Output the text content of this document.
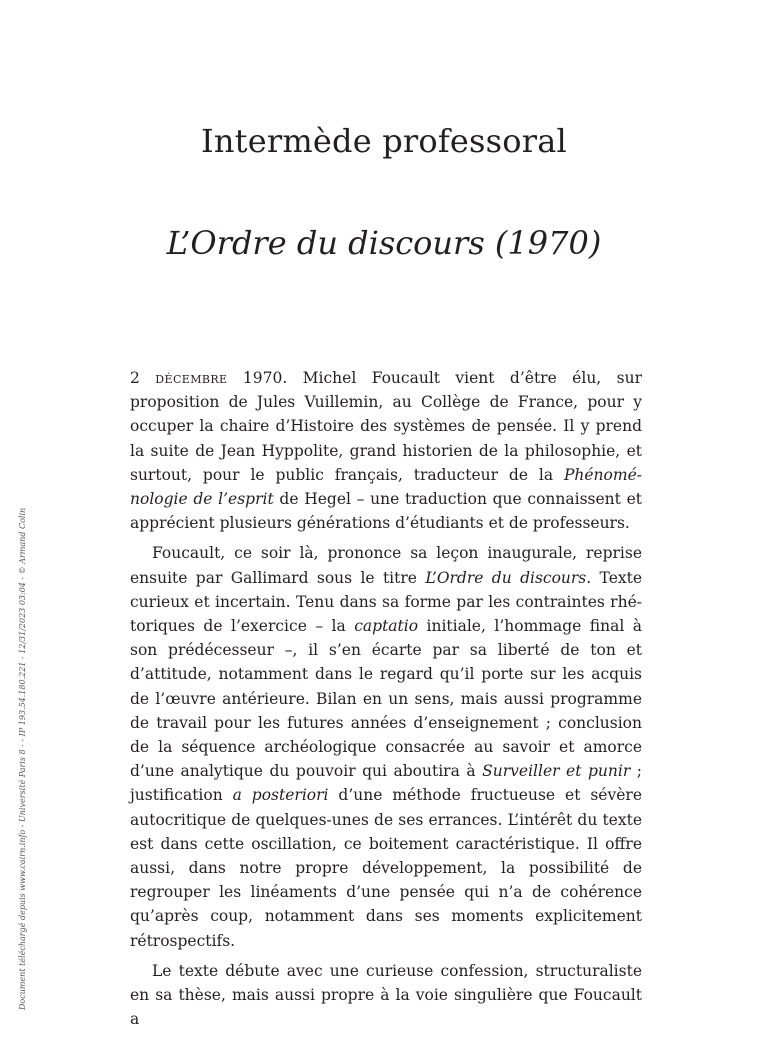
Intermède professoral
L’Ordre du discours (1970)

2 décembre 1970. Michel Foucault vient d’être élu, sur proposition de Jules Vuillemin, au Collège de France, pour y occuper la chaire d’Histoire des systèmes de pensée. Il y prend la suite de Jean Hyppolite, grand historien de la philosophie, et surtout, pour le public français, traducteur de la Phénoménologie de l’esprit de Hegel – une traduction que connaissent et apprécient plusieurs générations d’étudiants et de professeurs.

Foucault, ce soir là, prononce sa leçon inaugurale, reprise ensuite par Gallimard sous le titre L’Ordre du discours. Texte curieux et incertain. Tenu dans sa forme par les contraintes rhétoriques de l’exercice – la captatio initiale, l’hommage final à son prédécesseur –, il s’en écarte par sa liberté de ton et d’attitude, notamment dans le regard qu’il porte sur les acquis de l’œuvre antérieure. Bilan en un sens, mais aussi programme de travail pour les futures années d’enseignement ; conclusion de la séquence archéologique consacrée au savoir et amorce d’une analytique du pouvoir qui aboutira à Surveiller et punir ; justification a posteriori d’une méthode fructueuse et sévère autocritique de quelques-unes de ses errances. L’intérêt du texte est dans cette oscillation, ce boitement caractéristique. Il offre aussi, dans notre propre développement, la possibilité de regrouper les linéaments d’une pensée qui n’a de cohérence qu’après coup, notamment dans ses moments explicitement rétrospectifs.

Le texte débute avec une curieuse confession, structuraliste en sa thèse, mais aussi propre à la voie singulière que Foucault a

Document téléchargé depuis www.cairn.info - Université Paris 8 - - IP 193.54.180.221 - 12/31/2023 03:04 - © Armand Colin
